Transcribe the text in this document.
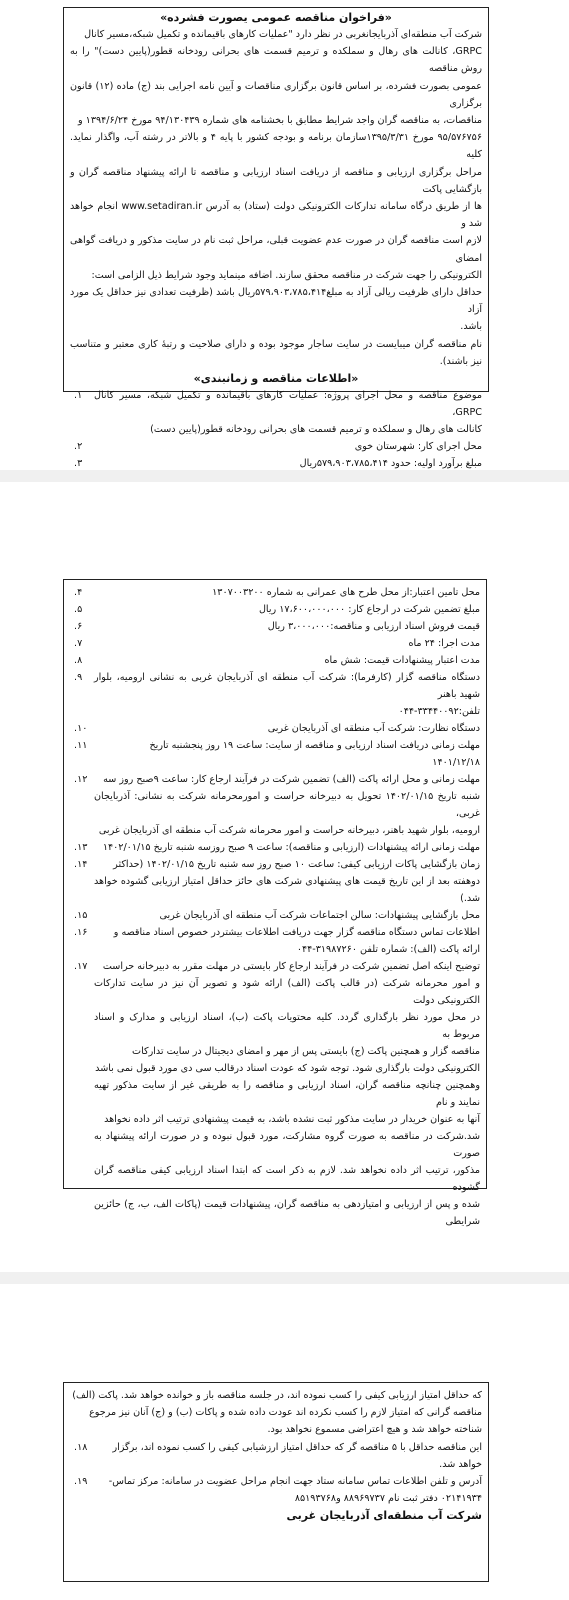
«فراخوان مناقصه عمومی یصورت فشرده»

شرکت آب منطقه‌ای آذربایجانغربی در نظر دارد "عملیات کارهای باقیمانده و تکمیل شبکه،مسیر کانال
GRPC، کانالت های رهال و سملکده و ترمیم قسمت های بحرانی رودخانه قطور(پایین دست)" را به روش مناقصه
عمومی بصورت فشرده، بر اساس قانون برگزاری مناقصات و آیین نامه اجرایی بند (ج) ماده (۱۲) قانون برگزاری
مناقصات، به مناقصه گران واجد شرایط مطابق با بخشنامه های شماره ۹۴/۱۳۰۴۳۹ مورخ ۱۳۹۴/۶/۲۴ و
۹۵/۵۷۶۷۵۶ مورخ ۱۳۹۵/۳/۳۱سازمان برنامه و بودجه کشور با پایه ۴ و بالاتر در رشته آب، واگذار نماید. کلیه
مراحل برگزاری ارزیابی و مناقصه از دریافت اسناد ارزیابی و مناقصه تا ارائه پیشنهاد مناقصه گران و بازگشایی پاکت
ها از طریق درگاه سامانه تدارکات الکترونیکی دولت (ستاد) به آدرس www.setadiran.ir انجام خواهد شد و
لازم است مناقصه گران در صورت عدم عضویت قبلی، مراحل ثبت نام در سایت مذکور و دریافت گواهی امضای
الکترونیکی را جهت شرکت در مناقصه محقق سازند. اضافه مینماید وجود شرایط ذیل الزامی است:
حداقل دارای ظرفیت ریالی آزاد به مبلغ۵۷۹،۹۰۳،۷۸۵،۴۱۴ریال باشد (ظرفیت تعدادی نیز حداقل یک مورد آزاد
باشد.
نام مناقصه گران میبایست در سایت ساجار موجود بوده و دارای صلاحیت و رتبهٔ کاری معتبر و متناسب نیز باشند).

«اطلاعات مناقصه و زمانبندی»

موضوع مناقصه و محل اجرای پروژه: عملیات کارهای باقیمانده و تکمیل شبکه، مسیر کانال GRPC،
کانالت های رهال و سملکده و ترمیم قسمت های بحرانی رودخانه قطور(پایین دست)
۱.
محل اجرای کار: شهرستان خوی
۲.
مبلغ برآورد اولیه: حدود ۵۷۹،۹۰۳،۷۸۵،۴۱۴ریال
۳.
محل تامین اعتبار:از محل طرح های عمرانی به شماره ۱۳۰۷۰۰۳۲۰۰
۴.
مبلغ تضمین شرکت در ارجاع کار: ۱۷،۶۰۰،۰۰۰،۰۰۰ ریال
۵.
قیمت فروش اسناد ارزیابی و مناقصه:۳،۰۰۰،۰۰۰ ریال
۶.
مدت اجرا: ۲۴ ماه
۷.
مدت اعتبار پیشنهادات قیمت: شش ماه
۸.
دستگاه مناقصه گزار (کارفرما): شرکت آب منطقه ای آذربایجان غربی به نشانی ارومیه، بلوار شهید باهنر
تلفن:۳۳۴۴۰۰۹۲-۰۴۴
۹.
دستگاه نظارت: شرکت آب منطقه ای آذربایجان غربی
۱۰.
مهلت زمانی دریافت اسناد ارزیابی و مناقصه از سایت: ساعت ۱۹ روز پنجشنبه تاریخ
۱۴۰۱/۱۲/۱۸
۱۱.
مهلت زمانی و محل ارائه پاکت (الف) تضمین شرکت در فرآیند ارجاع کار: ساعت ۹صبح روز سه
شنبه تاریخ ۱۴۰۲/۰۱/۱۵ تحویل به دبیرخانه حراست و امورمحرمانه شرکت به نشانی: آذربایجان غربی،
ارومیه، بلوار شهید باهنر، دبیرخانه حراست و امور محرمانه شرکت آب منطقه ای آذربایجان غربی
۱۲.
مهلت زمانی ارائه پیشنهادات (ارزیابی و مناقصه): ساعت ۹ صبح روزسه شنبه تاریخ ۱۴۰۲/۰۱/۱۵
۱۳.
زمان بازگشایی پاکات ارزیابی کیفی: ساعت ۱۰ صبح روز سه شنبه تاریخ ۱۴۰۲/۰۱/۱۵ (حداکثر
دوهفته بعد از این تاریخ قیمت های پیشنهادی شرکت های حائز حداقل امتیاز ارزیابی گشوده خواهد شد.)
۱۴.
محل بازگشایی پیشنهادات: سالن اجتماعات شرکت آب منطقه ای آذربایجان غربی
۱۵.
اطلاعات تماس دستگاه مناقصه گزار جهت دریافت اطلاعات بیشتردر خصوص اسناد مناقصه و
ارائه پاکت (الف): شماره تلفن ۳۱۹۸۷۲۶۰-۰۴۴
۱۶.
توضیح اینکه اصل تضمین شرکت در فرآیند ارجاع کار بایستی در مهلت مقرر به دبیرخانه حراست
و امور محرمانه شرکت (در قالب پاکت (الف) ارائه شود و تصویر آن نیز در سایت تدارکات الکترونیکی دولت
در محل مورد نظر بارگذاری گردد. کلیه محتویات پاکت (ب)، اسناد ارزیابی و مدارک و اسناد مربوط به
مناقصه گزار و همچنین پاکت (ج) بایستی پس از مهر و امضای دیجیتال در سایت تدارکات
الکترونیکی دولت بارگذاری شود. توجه شود که عودت اسناد درقالب سی دی مورد قبول نمی باشد
وهمچنین چنانچه مناقصه گران، اسناد ارزیابی و مناقصه را به طریقی غیر از سایت مذکور تهیه نمایند و نام
آنها به عنوان خریدار در سایت مذکور ثبت نشده باشد، به قیمت پیشنهادی ترتیب اثر داده نخواهد
شد.شرکت در مناقصه به صورت گروه مشارکت، مورد قبول نبوده و در صورت ارائه پیشنهاد به صورت
مذکور، ترتیب اثر داده نخواهد شد. لازم به ذکر است که ابتدا اسناد ارزیابی کیفی مناقصه گران گشوده
شده و پس از ارزیابی و امتیازدهی به مناقصه گران، پیشنهادات قیمت (پاکات الف، ب، ج) حائزین شرایطی
۱۷.
که حداقل امتیاز ارزیابی کیفی را کسب نموده اند، در جلسه مناقصه باز و خوانده خواهد شد. پاکت (الف)
مناقصه گرانی که امتیاز لازم را کسب نکرده اند عودت داده شده و پاکات (ب) و (ج) آنان نیز مرجوع
شناخته خواهد شد و هیچ اعتراضی مسموع نخواهد بود.
این مناقصه حداقل با ۵ مناقصه گر که حداقل امتیاز ارزشیابی کیفی را کسب نموده اند، برگزار
خواهد شد.
۱۸.
آدرس و تلفن اطلاعات تماس سامانه ستاد جهت انجام مراحل عضویت در سامانه: مرکز تماس-
۰۲۱۴۱۹۳۴ دفتر ثبت نام ۸۸۹۶۹۷۳۷ و۸۵۱۹۳۷۶۸
۱۹.

شرکت آب منطقه‌ای آذربایجان غربی
